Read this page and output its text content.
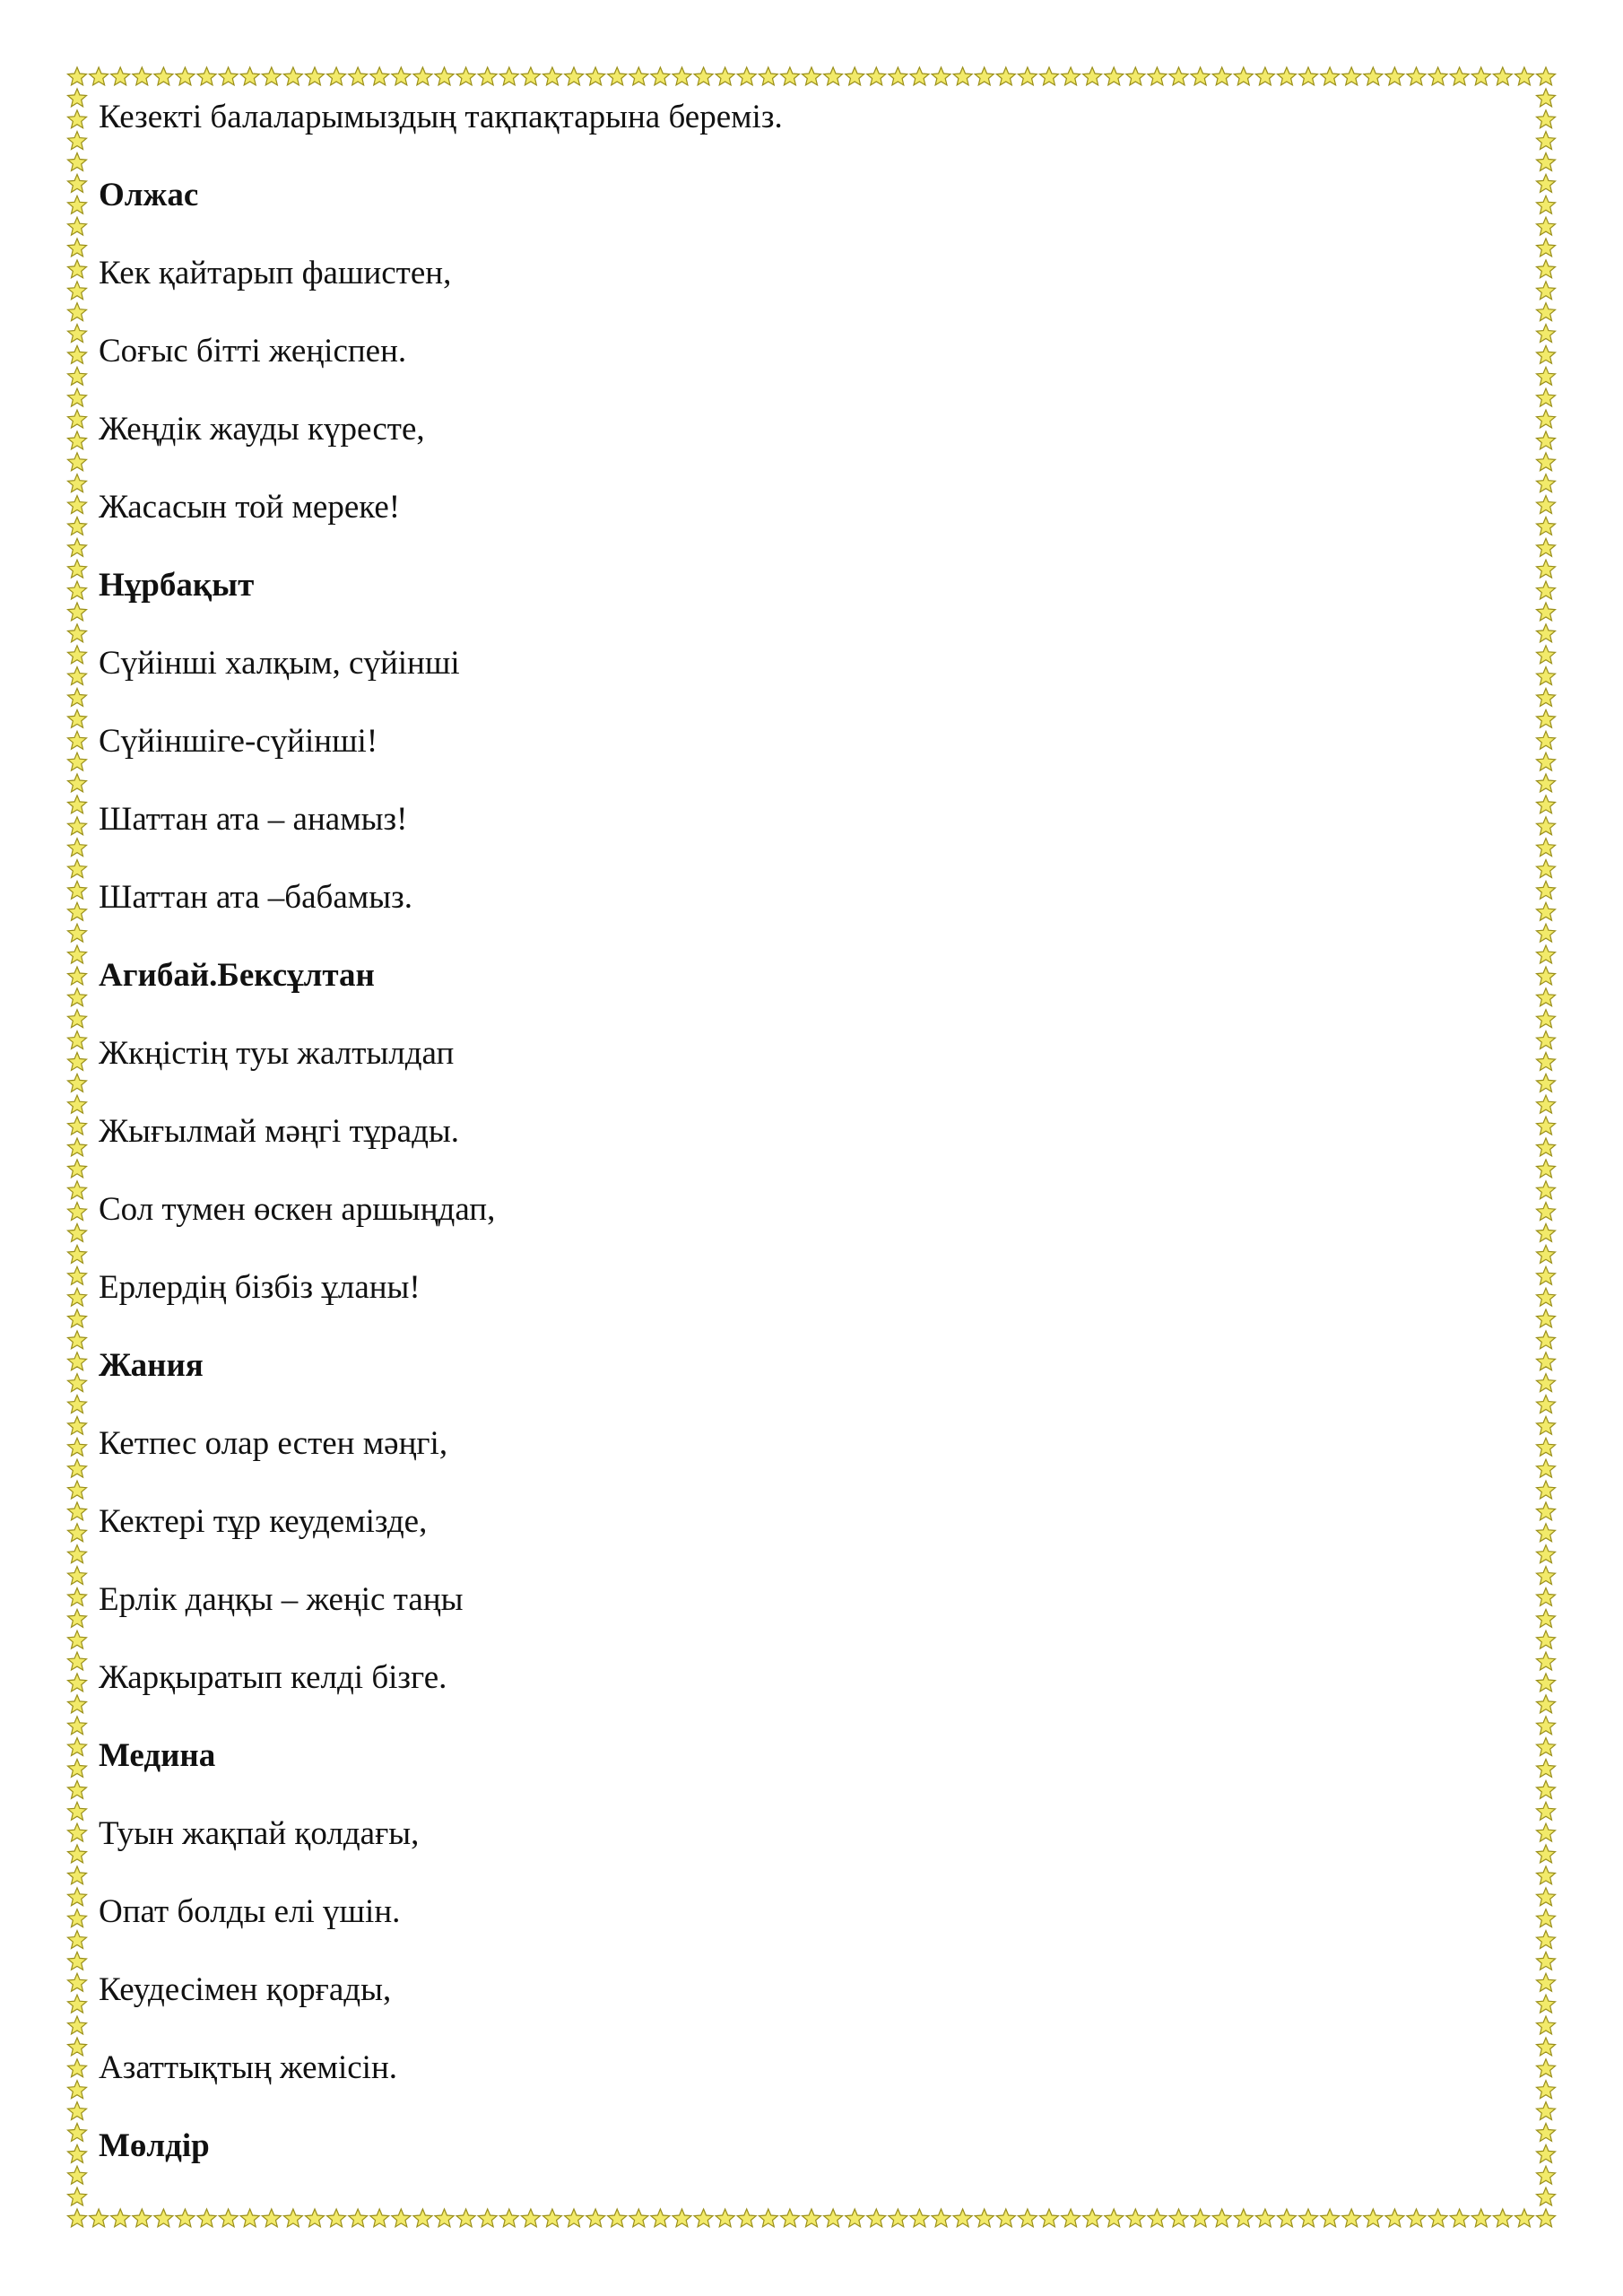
Кезекті балаларымыздың тақпақтарына береміз.
Олжас
Кек қайтарып фашистен,
Соғыс бітті жеңіспен.
Жеңдік жауды күресте,
Жасасын той мереке!
Нұрбақыт
Сүйінші халқым, сүйінші
Сүйіншіге-сүйінші!
Шаттан ата – анамыз!
Шаттан ата –бабамыз.
Агибай.Бексұлтан
Жкңістің туы жалтылдап
Жығылмай мәңгі тұрады.
Сол тумен өскен аршыңдап,
Ерлердің бізбіз ұланы!
Жания
Кетпес олар естен мәңгі,
Кектері тұр кеудемізде,
Ерлік даңқы – жеңіс таңы
Жарқыратып келді бізге.
Медина
Туын жақпай қолдағы,
Опат болды елі үшін.
Кеудесімен қорғады,
Азаттықтың жемісін.
Мөлдір
